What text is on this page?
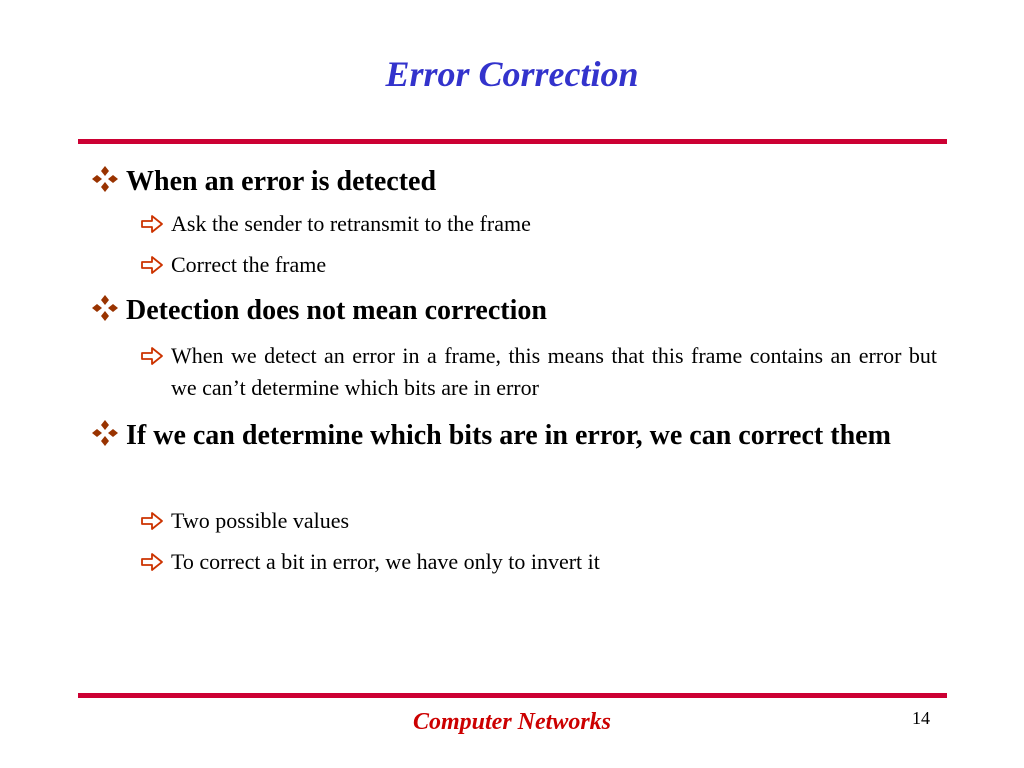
Error Correction
When an error is detected
Ask the sender to retransmit to the frame
Correct the frame
Detection does not mean correction
When we detect an error in a frame, this means that this frame contains an error but we can’t determine which bits are in error
If we can determine which bits are in error, we can correct them
Two possible values
To correct a bit in error, we have only to invert it
Computer Networks	14
